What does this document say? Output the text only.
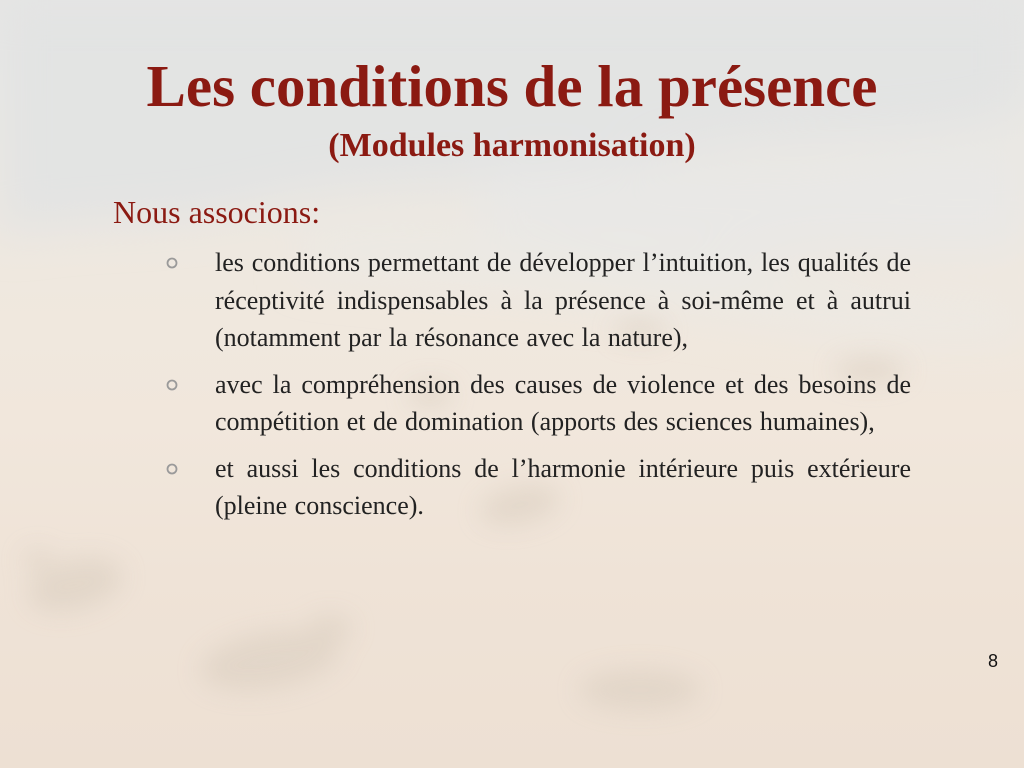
Les conditions de la présence
(Modules harmonisation)
Nous associons:
les conditions permettant de développer l’intuition, les qualités de réceptivité indispensables à la présence à soi-même et à autrui (notamment par la résonance avec la nature),
avec la compréhension des causes de violence et des besoins de compétition et de domination (apports des sciences humaines),
et aussi les conditions de l’harmonie intérieure puis extérieure (pleine conscience).
8
